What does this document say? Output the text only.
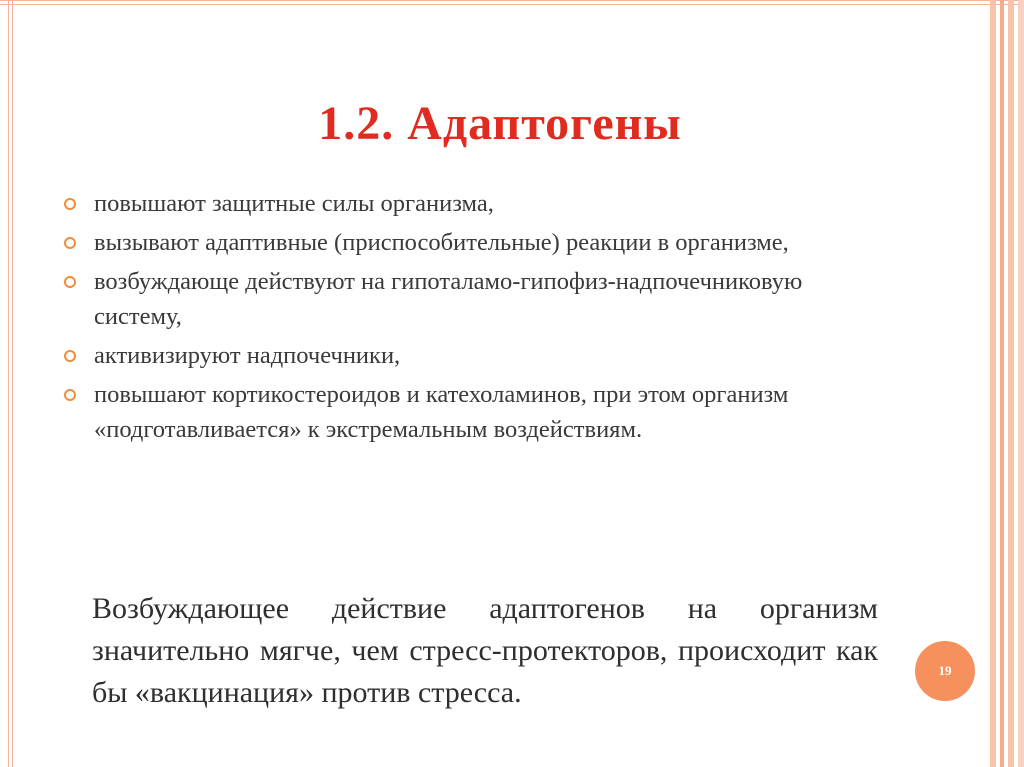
1.2. Адаптогены
повышают защитные силы организма,
вызывают адаптивные (приспособительные) реакции в организме,
возбуждающе действуют на гипоталамо-гипофиз-надпочечниковую систему,
активизируют надпочечники,
повышают кортикостероидов и катехоламинов, при этом организм «подготавливается» к экстремальным воздействиям.

Возбуждающее действие адаптогенов на организм значительно мягче, чем стресс-протекторов, происходит как бы «вакцинация» против стресса.

19
